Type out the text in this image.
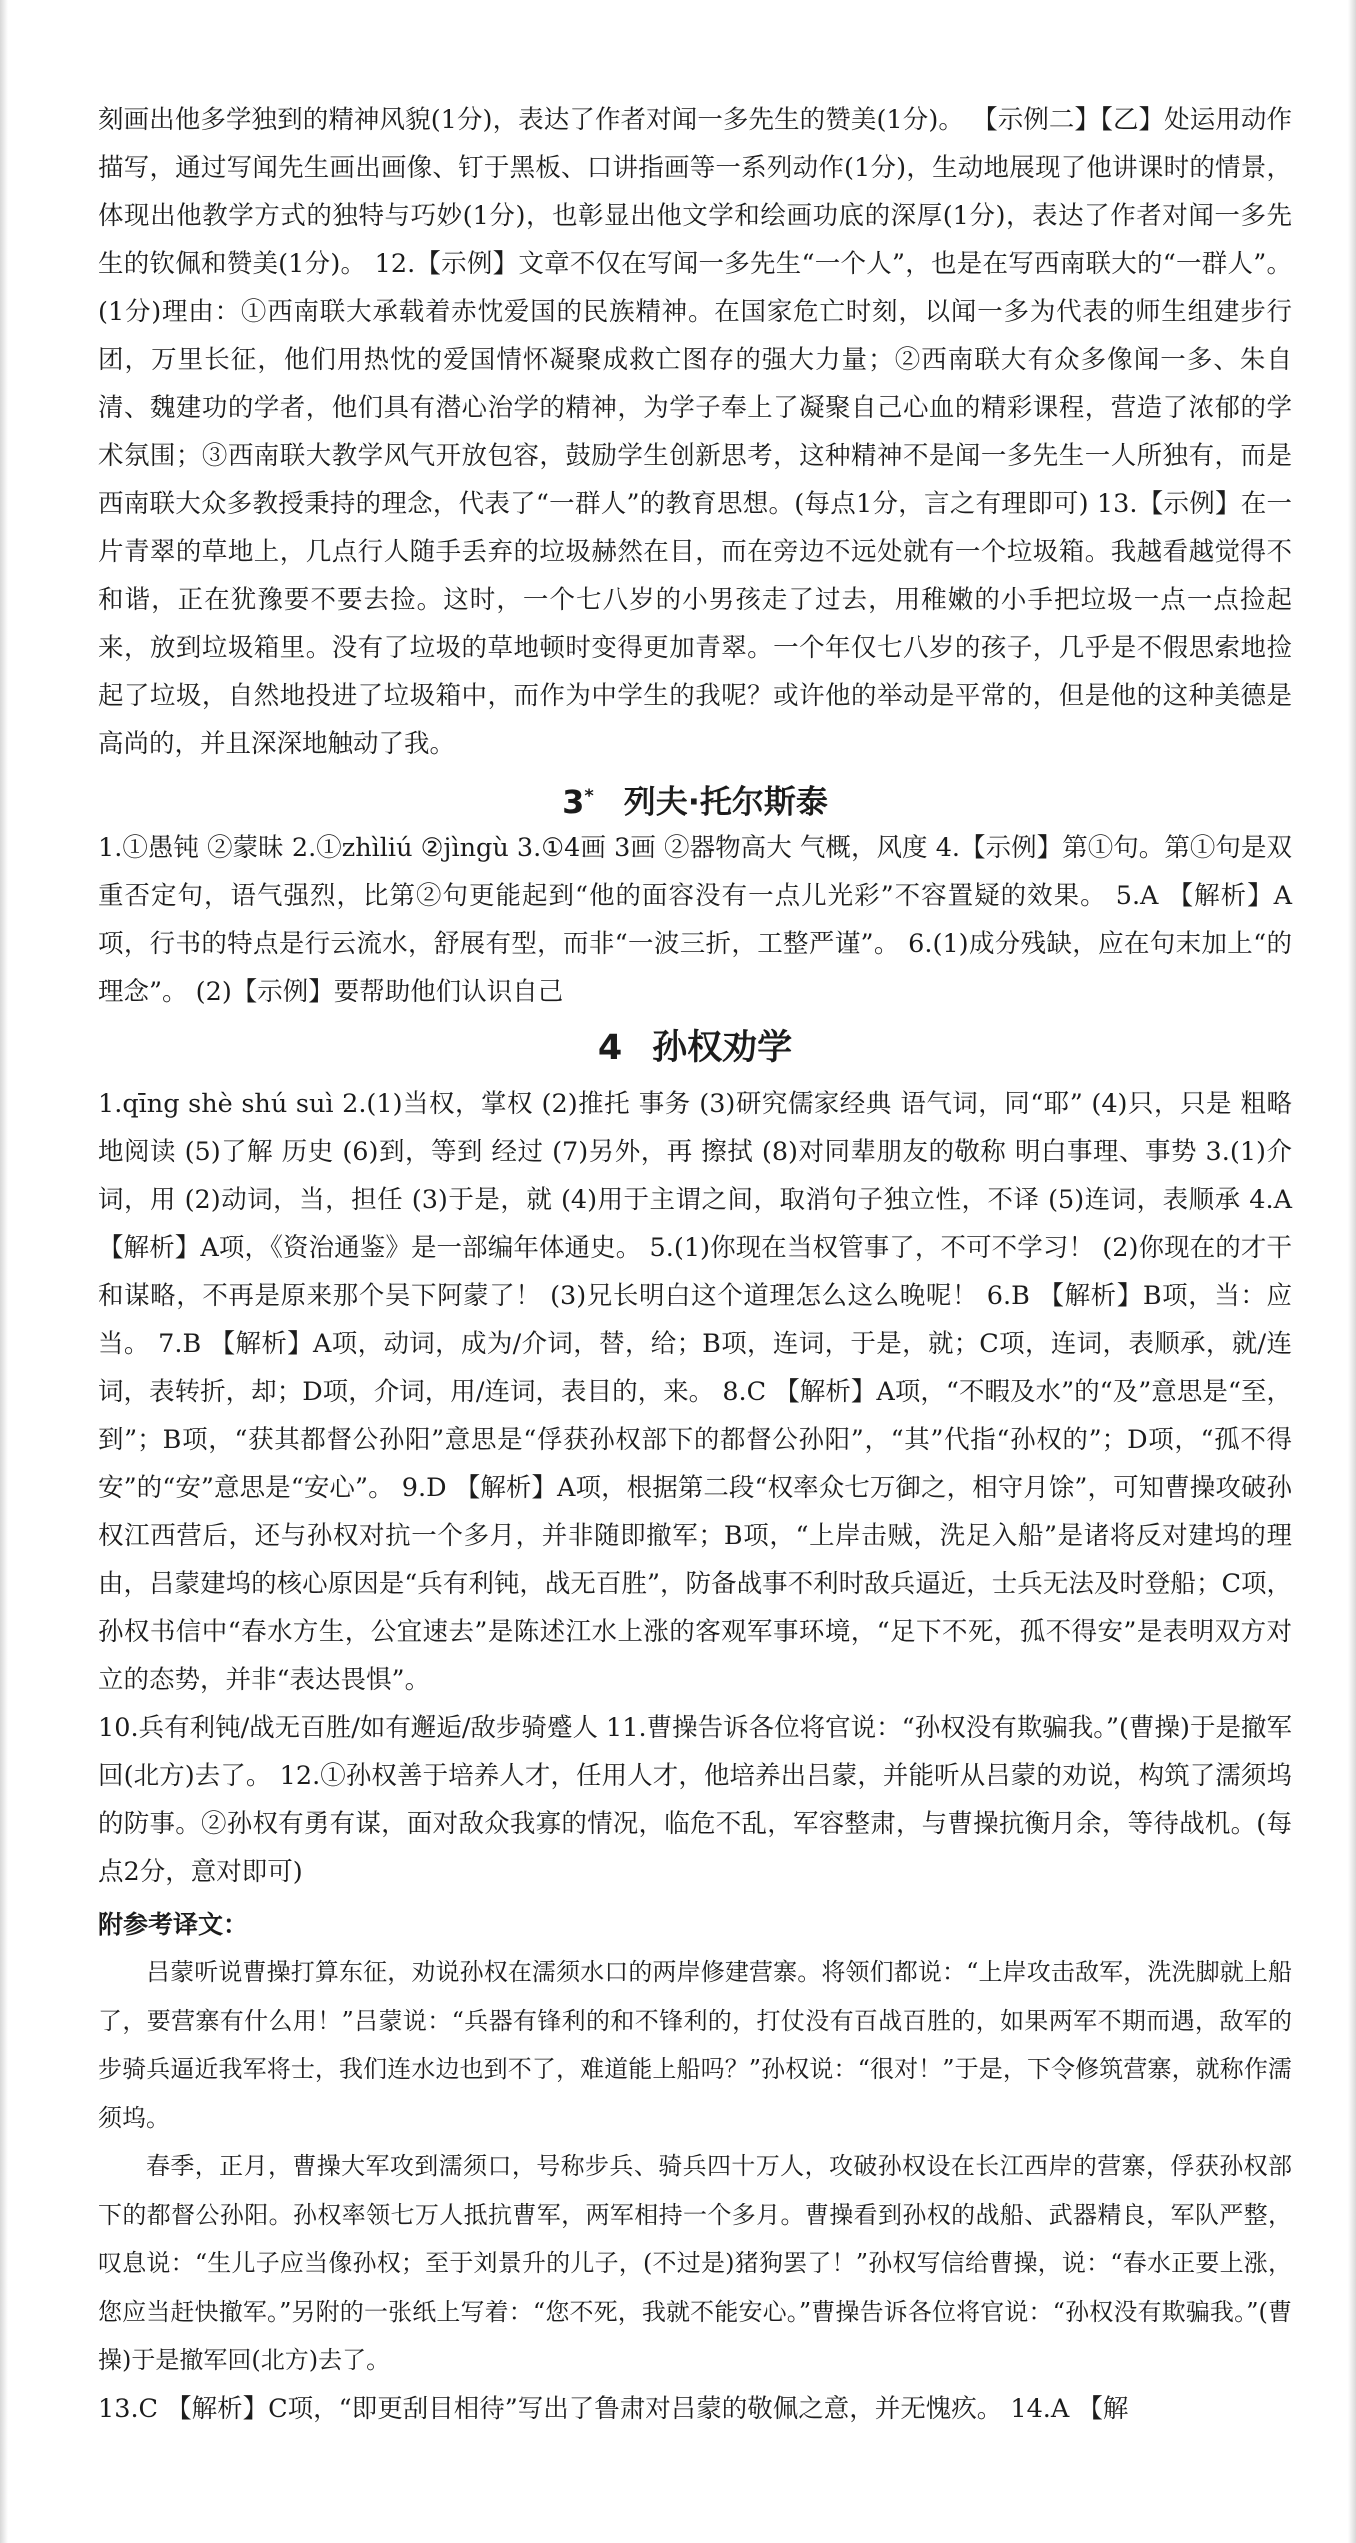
刻画出他多学独到的精神风貌(1分)，表达了作者对闻一多先生的赞美(1分)。 【示例二】【乙】处运用动作描写，通过写闻先生画出画像、钉于黑板、口讲指画等一系列动作(1分)，生动地展现了他讲课时的情景，体现出他教学方式的独特与巧妙(1分)，也彰显出他文学和绘画功底的深厚(1分)，表达了作者对闻一多先生的钦佩和赞美(1分)。 12.【示例】文章不仅在写闻一多先生“一个人”，也是在写西南联大的“一群人”。(1分)理由：①西南联大承载着赤忱爱国的民族精神。在国家危亡时刻，以闻一多为代表的师生组建步行团，万里长征，他们用热忱的爱国情怀凝聚成救亡图存的强大力量；②西南联大有众多像闻一多、朱自清、魏建功的学者，他们具有潜心治学的精神，为学子奉上了凝聚自己心血的精彩课程，营造了浓郁的学术氛围；③西南联大教学风气开放包容，鼓励学生创新思考，这种精神不是闻一多先生一人所独有，而是西南联大众多教授秉持的理念，代表了“一群人”的教育思想。(每点1分，言之有理即可) 13.【示例】在一片青翠的草地上，几点行人随手丢弃的垃圾赫然在目，而在旁边不远处就有一个垃圾箱。我越看越觉得不和谐，正在犹豫要不要去捡。这时，一个七八岁的小男孩走了过去，用稚嫩的小手把垃圾一点一点捡起来，放到垃圾箱里。没有了垃圾的草地顿时变得更加青翠。一个年仅七八岁的孩子，几乎是不假思索地捡起了垃圾，自然地投进了垃圾箱中，而作为中学生的我呢？或许他的举动是平常的，但是他的这种美德是高尚的，并且深深地触动了我。

3* 列夫·托尔斯泰

1.①愚钝 ②蒙昧 2.①zhìliú ②jìngù 3.①4画 3画 ②器物高大 气概，风度 4.【示例】第①句。第①句是双重否定句，语气强烈，比第②句更能起到“他的面容没有一点儿光彩”不容置疑的效果。 5.A 【解析】A项，行书的特点是行云流水，舒展有型，而非“一波三折，工整严谨”。 6.(1)成分残缺，应在句末加上“的理念”。 (2)【示例】要帮助他们认识自己

4 孙权劝学

1.qīng shè shú suì 2.(1)当权，掌权 (2)推托 事务 (3)研究儒家经典 语气词，同“耶” (4)只，只是 粗略地阅读 (5)了解 历史 (6)到，等到 经过 (7)另外，再 擦拭 (8)对同辈朋友的敬称 明白事理、事势 3.(1)介词，用 (2)动词，当，担任 (3)于是，就 (4)用于主谓之间，取消句子独立性，不译 (5)连词，表顺承 4.A 【解析】A项，《资治通鉴》是一部编年体通史。 5.(1)你现在当权管事了，不可不学习！ (2)你现在的才干和谋略，不再是原来那个吴下阿蒙了！ (3)兄长明白这个道理怎么这么晚呢！ 6.B 【解析】B项，当：应当。 7.B 【解析】A项，动词，成为/介词，替，给；B项，连词，于是，就；C项，连词，表顺承，就/连词，表转折，却；D项，介词，用/连词，表目的，来。 8.C 【解析】A项，“不暇及水”的“及”意思是“至，到”；B项，“获其都督公孙阳”意思是“俘获孙权部下的都督公孙阳”，“其”代指“孙权的”；D项，“孤不得安”的“安”意思是“安心”。 9.D 【解析】A项，根据第二段“权率众七万御之，相守月馀”，可知曹操攻破孙权江西营后，还与孙权对抗一个多月，并非随即撤军；B项，“上岸击贼，洗足入船”是诸将反对建坞的理由，吕蒙建坞的核心原因是“兵有利钝，战无百胜”，防备战事不利时敌兵逼近，士兵无法及时登船；C项，孙权书信中“春水方生，公宜速去”是陈述江水上涨的客观军事环境，“足下不死，孤不得安”是表明双方对立的态势，并非“表达畏惧”。

10.兵有利钝/战无百胜/如有邂逅/敌步骑蹙人 11.曹操告诉各位将官说：“孙权没有欺骗我。”(曹操)于是撤军回(北方)去了。 12.①孙权善于培养人才，任用人才，他培养出吕蒙，并能听从吕蒙的劝说，构筑了濡须坞的防事。②孙权有勇有谋，面对敌众我寡的情况，临危不乱，军容整肃，与曹操抗衡月余，等待战机。(每点2分，意对即可)

附参考译文：

吕蒙听说曹操打算东征，劝说孙权在濡须水口的两岸修建营寨。将领们都说：“上岸攻击敌军，洗洗脚就上船了，要营寨有什么用！”吕蒙说：“兵器有锋利的和不锋利的，打仗没有百战百胜的，如果两军不期而遇，敌军的步骑兵逼近我军将士，我们连水边也到不了，难道能上船吗？”孙权说：“很对！”于是，下令修筑营寨，就称作濡须坞。

春季，正月，曹操大军攻到濡须口，号称步兵、骑兵四十万人，攻破孙权设在长江西岸的营寨，俘获孙权部下的都督公孙阳。孙权率领七万人抵抗曹军，两军相持一个多月。曹操看到孙权的战船、武器精良，军队严整，叹息说：“生儿子应当像孙权；至于刘景升的儿子，(不过是)猪狗罢了！”孙权写信给曹操，说：“春水正要上涨，您应当赶快撤军。”另附的一张纸上写着：“您不死，我就不能安心。”曹操告诉各位将官说：“孙权没有欺骗我。”(曹操)于是撤军回(北方)去了。

13.C 【解析】C项，“即更刮目相待”写出了鲁肃对吕蒙的敬佩之意，并无愧疚。 14.A 【解
